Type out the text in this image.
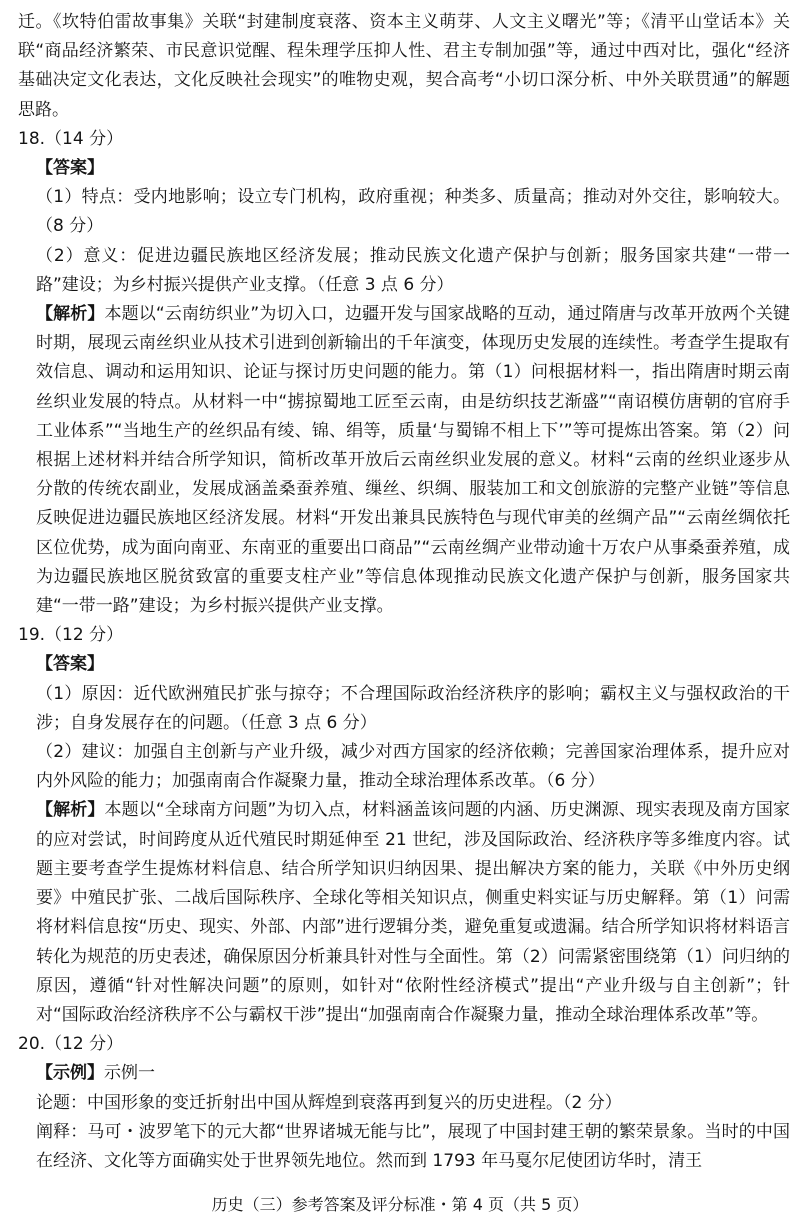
迁。《坎特伯雷故事集》关联“封建制度衰落、资本主义萌芽、人文主义曙光”等；《清平山堂话本》关联“商品经济繁荣、市民意识觉醒、程朱理学压抑人性、君主专制加强”等，通过中西对比，强化“经济基础决定文化表达，文化反映社会现实”的唯物史观，契合高考“小切口深分析、中外关联贯通”的解题思路。

18.（14 分）

【答案】

（1）特点：受内地影响；设立专门机构，政府重视；种类多、质量高；推动对外交往，影响较大。（8 分）

（2）意义：促进边疆民族地区经济发展；推动民族文化遗产保护与创新；服务国家共建“一带一路”建设；为乡村振兴提供产业支撑。（任意 3 点 6 分）

【解析】本题以“云南纺织业”为切入口，边疆开发与国家战略的互动，通过隋唐与改革开放两个关键时期，展现云南丝织业从技术引进到创新输出的千年演变，体现历史发展的连续性。考查学生提取有效信息、调动和运用知识、论证与探讨历史问题的能力。第（1）问根据材料一，指出隋唐时期云南丝织业发展的特点。从材料一中“掳掠蜀地工匠至云南，由是纺织技艺渐盛”“南诏模仿唐朝的官府手工业体系”“当地生产的丝织品有绫、锦、绢等，质量‘与蜀锦不相上下’”等可提炼出答案。第（2）问根据上述材料并结合所学知识，简析改革开放后云南丝织业发展的意义。材料“云南的丝织业逐步从分散的传统农副业，发展成涵盖桑蚕养殖、缫丝、织绸、服装加工和文创旅游的完整产业链”等信息反映促进边疆民族地区经济发展。材料“开发出兼具民族特色与现代审美的丝绸产品”“云南丝绸依托区位优势，成为面向南亚、东南亚的重要出口商品”“云南丝绸产业带动逾十万农户从事桑蚕养殖，成为边疆民族地区脱贫致富的重要支柱产业”等信息体现推动民族文化遗产保护与创新，服务国家共建“一带一路”建设；为乡村振兴提供产业支撑。

19.（12 分）

【答案】

（1）原因：近代欧洲殖民扩张与掠夺；不合理国际政治经济秩序的影响；霸权主义与强权政治的干涉；自身发展存在的问题。（任意 3 点 6 分）

（2）建议：加强自主创新与产业升级，减少对西方国家的经济依赖；完善国家治理体系，提升应对内外风险的能力；加强南南合作凝聚力量，推动全球治理体系改革。（6 分）

【解析】本题以“全球南方问题”为切入点，材料涵盖该问题的内涵、历史渊源、现实表现及南方国家的应对尝试，时间跨度从近代殖民时期延伸至 21 世纪，涉及国际政治、经济秩序等多维度内容。试题主要考查学生提炼材料信息、结合所学知识归纳因果、提出解决方案的能力，关联《中外历史纲要》中殖民扩张、二战后国际秩序、全球化等相关知识点，侧重史料实证与历史解释。第（1）问需将材料信息按“历史、现实、外部、内部”进行逻辑分类，避免重复或遗漏。结合所学知识将材料语言转化为规范的历史表述，确保原因分析兼具针对性与全面性。第（2）问需紧密围绕第（1）问归纳的原因，遵循“针对性解决问题”的原则，如针对“依附性经济模式”提出“产业升级与自主创新”；针对“国际政治经济秩序不公与霸权干涉”提出“加强南南合作凝聚力量，推动全球治理体系改革”等。

20.（12 分）

【示例】示例一

论题：中国形象的变迁折射出中国从辉煌到衰落再到复兴的历史进程。（2 分）

阐释：马可・波罗笔下的元大都“世界诸城无能与比”，展现了中国封建王朝的繁荣景象。当时的中国在经济、文化等方面确实处于世界领先地位。然而到 1793 年马戛尔尼使团访华时，清王

历史（三）参考答案及评分标准・第 4 页（共 5 页）
